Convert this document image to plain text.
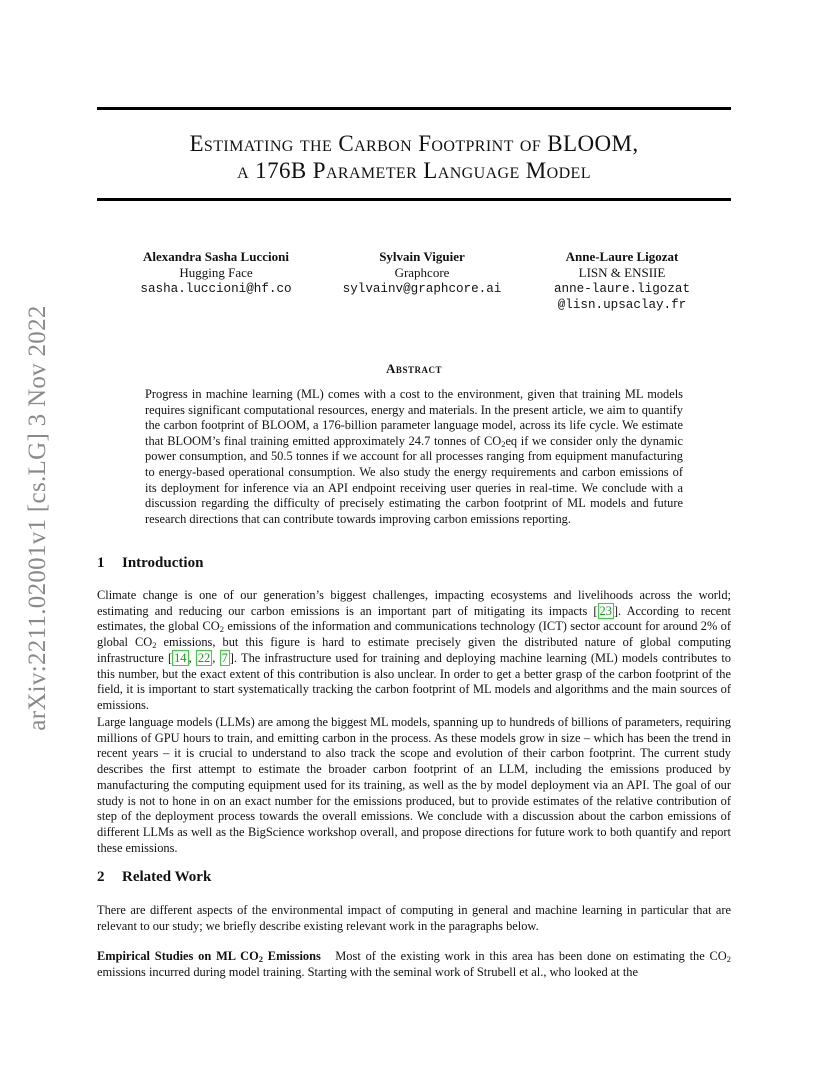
arXiv:2211.02001v1 [cs.LG] 3 Nov 2022
Estimating the Carbon Footprint of BLOOM,
a 176B Parameter Language Model
Alexandra Sasha Luccioni
Hugging Face
sasha.luccioni@hf.co
Sylvain Viguier
Graphcore
sylvainv@graphcore.ai
Anne-Laure Ligozat
LISN & ENSIIE
anne-laure.ligozat
@lisn.upsaclay.fr
Abstract
Progress in machine learning (ML) comes with a cost to the environment, given that training ML models requires significant computational resources, energy and materials. In the present article, we aim to quantify the carbon footprint of BLOOM, a 176-billion parameter language model, across its life cycle. We estimate that BLOOM’s final training emitted approximately 24.7 tonnes of $CO_2eq$ if we consider only the dynamic power consumption, and 50.5 tonnes if we account for all processes ranging from equipment manufacturing to energy-based operational consumption. We also study the energy requirements and carbon emissions of its deployment for inference via an API endpoint receiving user queries in real-time. We conclude with a discussion regarding the difficulty of precisely estimating the carbon footprint of ML models and future research directions that can contribute towards improving carbon emissions reporting.
1 Introduction
Climate change is one of our generation’s biggest challenges, impacting ecosystems and livelihoods across the world; estimating and reducing our carbon emissions is an important part of mitigating its impacts [ 23 ]. According to recent estimates, the global $CO_2$ emissions of the information and communications technology (ICT) sector account for around 2% of global $CO_2$ emissions, but this figure is hard to estimate precisely given the distributed nature of global computing infrastructure [ 14 , 22 , 7 ]. The infrastructure used for training and deploying machine learning (ML) models contributes to this number, but the exact extent of this contribution is also unclear. In order to get a better grasp of the carbon footprint of the field, it is important to start systematically tracking the carbon footprint of ML models and algorithms and the main sources of emissions.
Large language models (LLMs) are among the biggest ML models, spanning up to hundreds of billions of parameters, requiring millions of GPU hours to train, and emitting carbon in the process. As these models grow in size – which has been the trend in recent years – it is crucial to understand to also track the scope and evolution of their carbon footprint. The current study describes the first attempt to estimate the broader carbon footprint of an LLM, including the emissions produced by manufacturing the computing equipment used for its training, as well as the by model deployment via an API. The goal of our study is not to hone in on an exact number for the emissions produced, but to provide estimates of the relative contribution of step of the deployment process towards the overall emissions. We conclude with a discussion about the carbon emissions of different LLMs as well as the BigScience workshop overall, and propose directions for future work to both quantify and report these emissions.
2 Related Work
There are different aspects of the environmental impact of computing in general and machine learning in particular that are relevant to our study; we briefly describe existing relevant work in the paragraphs below.
Empirical Studies on ML $CO_2$ Emissions Most of the existing work in this area has been done on estimating the $CO_2$ emissions incurred during model training. Starting with the seminal work of Strubell et al., who looked at the
